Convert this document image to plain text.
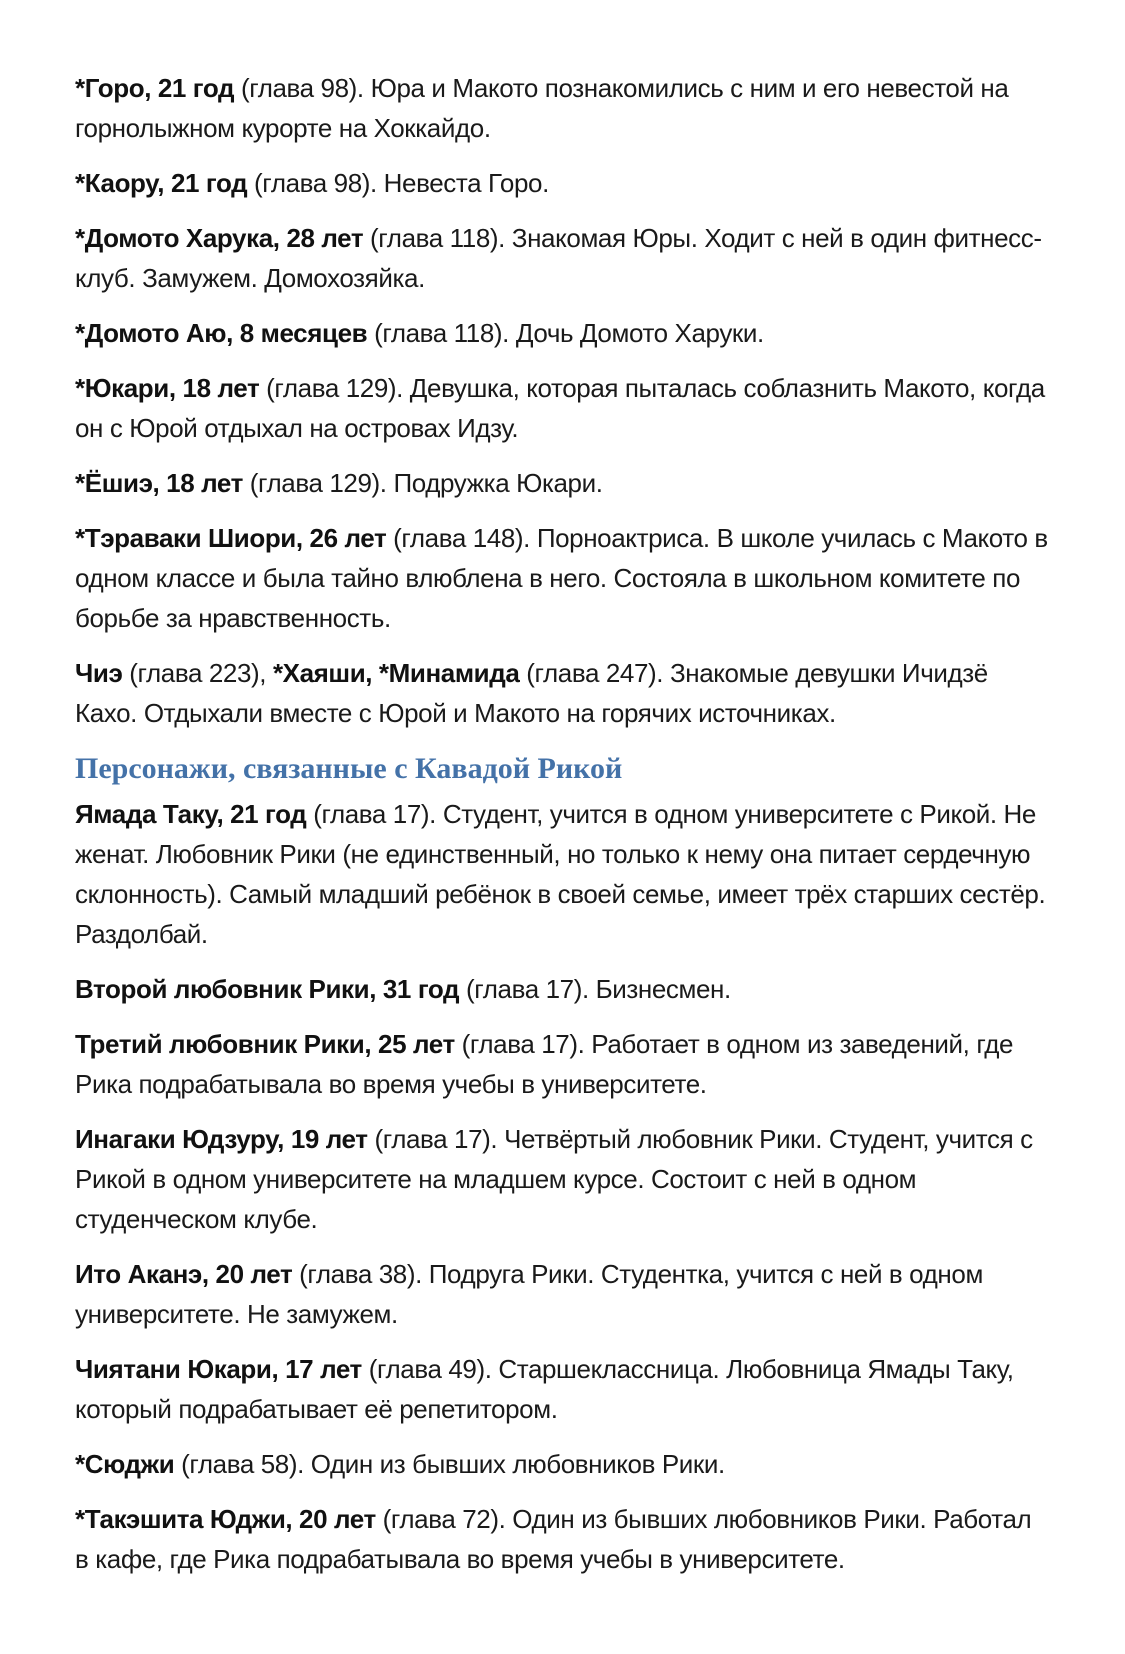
*Горо, 21 год (глава 98). Юра и Макото познакомились с ним и его невестой на горнолыжном курорте на Хоккайдо.

*Каору, 21 год (глава 98). Невеста Горо.

*Домото Харука, 28 лет (глава 118). Знакомая Юры. Ходит с ней в один фитнесс-клуб. Замужем. Домохозяйка.

*Домото Аю, 8 месяцев (глава 118). Дочь Домото Харуки.

*Юкари, 18 лет (глава 129). Девушка, которая пыталась соблазнить Макото, когда он с Юрой отдыхал на островах Идзу.

*Ёшиэ, 18 лет (глава 129). Подружка Юкари.

*Тэраваки Шиори, 26 лет (глава 148). Порноактриса. В школе училась с Макото в одном классе и была тайно влюблена в него. Состояла в школьном комитете по борьбе за нравственность.

Чиэ (глава 223), *Хаяши, *Минамида (глава 247). Знакомые девушки Ичидзё Кахо. Отдыхали вместе с Юрой и Макото на горячих источниках.

Персонажи, связанные с Кавадой Рикой

Ямада Таку, 21 год (глава 17). Студент, учится в одном университете с Рикой. Не женат. Любовник Рики (не единственный, но только к нему она питает сердечную склонность). Самый младший ребёнок в своей семье, имеет трёх старших сестёр. Раздолбай.

Второй любовник Рики, 31 год (глава 17). Бизнесмен.

Третий любовник Рики, 25 лет (глава 17). Работает в одном из заведений, где Рика подрабатывала во время учебы в университете.

Инагаки Юдзуру, 19 лет (глава 17). Четвёртый любовник Рики. Студент, учится с Рикой в одном университете на младшем курсе. Состоит с ней в одном студенческом клубе.

Ито Аканэ, 20 лет (глава 38). Подруга Рики. Студентка, учится с ней в одном университете. Не замужем.

Чиятани Юкари, 17 лет (глава 49). Старшеклассница. Любовница Ямады Таку, который подрабатывает её репетитором.

*Сюджи (глава 58). Один из бывших любовников Рики.

*Такэшита Юджи, 20 лет (глава 72). Один из бывших любовников Рики. Работал в кафе, где Рика подрабатывала во время учебы в университете.
